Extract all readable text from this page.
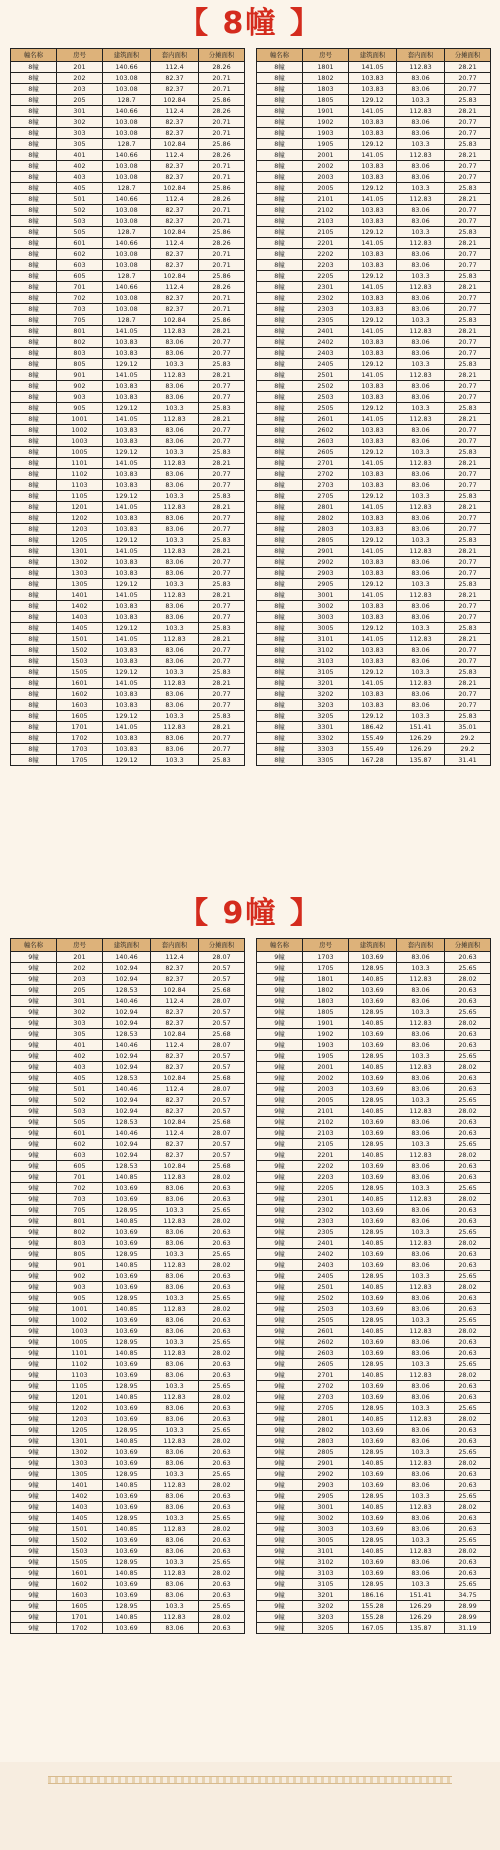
【 8幢 】
幢名称	房号	建筑面积	套内面积	分摊面积
8幢	201	140.66	112.4	28.26
8幢	202	103.08	82.37	20.71
8幢	203	103.08	82.37	20.71
8幢	205	128.7	102.84	25.86
8幢	301	140.66	112.4	28.26
8幢	302	103.08	82.37	20.71
8幢	303	103.08	82.37	20.71
8幢	305	128.7	102.84	25.86
8幢	401	140.66	112.4	28.26
8幢	402	103.08	82.37	20.71
8幢	403	103.08	82.37	20.71
8幢	405	128.7	102.84	25.86
8幢	501	140.66	112.4	28.26
8幢	502	103.08	82.37	20.71
8幢	503	103.08	82.37	20.71
8幢	505	128.7	102.84	25.86
8幢	601	140.66	112.4	28.26
8幢	602	103.08	82.37	20.71
8幢	603	103.08	82.37	20.71
8幢	605	128.7	102.84	25.86
8幢	701	140.66	112.4	28.26
8幢	702	103.08	82.37	20.71
8幢	703	103.08	82.37	20.71
8幢	705	128.7	102.84	25.86
8幢	801	141.05	112.83	28.21
8幢	802	103.83	83.06	20.77
8幢	803	103.83	83.06	20.77
8幢	805	129.12	103.3	25.83
8幢	901	141.05	112.83	28.21
8幢	902	103.83	83.06	20.77
8幢	903	103.83	83.06	20.77
8幢	905	129.12	103.3	25.83
8幢	1001	141.05	112.83	28.21
8幢	1002	103.83	83.06	20.77
8幢	1003	103.83	83.06	20.77
8幢	1005	129.12	103.3	25.83
8幢	1101	141.05	112.83	28.21
8幢	1102	103.83	83.06	20.77
8幢	1103	103.83	83.06	20.77
8幢	1105	129.12	103.3	25.83
8幢	1201	141.05	112.83	28.21
8幢	1202	103.83	83.06	20.77
8幢	1203	103.83	83.06	20.77
8幢	1205	129.12	103.3	25.83
8幢	1301	141.05	112.83	28.21
8幢	1302	103.83	83.06	20.77
8幢	1303	103.83	83.06	20.77
8幢	1305	129.12	103.3	25.83
8幢	1401	141.05	112.83	28.21
8幢	1402	103.83	83.06	20.77
8幢	1403	103.83	83.06	20.77
8幢	1405	129.12	103.3	25.83
8幢	1501	141.05	112.83	28.21
8幢	1502	103.83	83.06	20.77
8幢	1503	103.83	83.06	20.77
8幢	1505	129.12	103.3	25.83
8幢	1601	141.05	112.83	28.21
8幢	1602	103.83	83.06	20.77
8幢	1603	103.83	83.06	20.77
8幢	1605	129.12	103.3	25.83
8幢	1701	141.05	112.83	28.21
8幢	1702	103.83	83.06	20.77
8幢	1703	103.83	83.06	20.77
8幢	1705	129.12	103.3	25.83
幢名称	房号	建筑面积	套内面积	分摊面积
8幢	1801	141.05	112.83	28.21
8幢	1802	103.83	83.06	20.77
8幢	1803	103.83	83.06	20.77
8幢	1805	129.12	103.3	25.83
8幢	1901	141.05	112.83	28.21
8幢	1902	103.83	83.06	20.77
8幢	1903	103.83	83.06	20.77
8幢	1905	129.12	103.3	25.83
8幢	2001	141.05	112.83	28.21
8幢	2002	103.83	83.06	20.77
8幢	2003	103.83	83.06	20.77
8幢	2005	129.12	103.3	25.83
8幢	2101	141.05	112.83	28.21
8幢	2102	103.83	83.06	20.77
8幢	2103	103.83	83.06	20.77
8幢	2105	129.12	103.3	25.83
8幢	2201	141.05	112.83	28.21
8幢	2202	103.83	83.06	20.77
8幢	2203	103.83	83.06	20.77
8幢	2205	129.12	103.3	25.83
8幢	2301	141.05	112.83	28.21
8幢	2302	103.83	83.06	20.77
8幢	2303	103.83	83.06	20.77
8幢	2305	129.12	103.3	25.83
8幢	2401	141.05	112.83	28.21
8幢	2402	103.83	83.06	20.77
8幢	2403	103.83	83.06	20.77
8幢	2405	129.12	103.3	25.83
8幢	2501	141.05	112.83	28.21
8幢	2502	103.83	83.06	20.77
8幢	2503	103.83	83.06	20.77
8幢	2505	129.12	103.3	25.83
8幢	2601	141.05	112.83	28.21
8幢	2602	103.83	83.06	20.77
8幢	2603	103.83	83.06	20.77
8幢	2605	129.12	103.3	25.83
8幢	2701	141.05	112.83	28.21
8幢	2702	103.83	83.06	20.77
8幢	2703	103.83	83.06	20.77
8幢	2705	129.12	103.3	25.83
8幢	2801	141.05	112.83	28.21
8幢	2802	103.83	83.06	20.77
8幢	2803	103.83	83.06	20.77
8幢	2805	129.12	103.3	25.83
8幢	2901	141.05	112.83	28.21
8幢	2902	103.83	83.06	20.77
8幢	2903	103.83	83.06	20.77
8幢	2905	129.12	103.3	25.83
8幢	3001	141.05	112.83	28.21
8幢	3002	103.83	83.06	20.77
8幢	3003	103.83	83.06	20.77
8幢	3005	129.12	103.3	25.83
8幢	3101	141.05	112.83	28.21
8幢	3102	103.83	83.06	20.77
8幢	3103	103.83	83.06	20.77
8幢	3105	129.12	103.3	25.83
8幢	3201	141.05	112.83	28.21
8幢	3202	103.83	83.06	20.77
8幢	3203	103.83	83.06	20.77
8幢	3205	129.12	103.3	25.83
8幢	3301	186.42	151.41	35.01
8幢	3302	155.49	126.29	29.2
8幢	3303	155.49	126.29	29.2
8幢	3305	167.28	135.87	31.41
【 9幢 】
幢名称	房号	建筑面积	套内面积	分摊面积
9幢	201	140.46	112.4	28.07
9幢	202	102.94	82.37	20.57
9幢	203	102.94	82.37	20.57
9幢	205	128.53	102.84	25.68
9幢	301	140.46	112.4	28.07
9幢	302	102.94	82.37	20.57
9幢	303	102.94	82.37	20.57
9幢	305	128.53	102.84	25.68
9幢	401	140.46	112.4	28.07
9幢	402	102.94	82.37	20.57
9幢	403	102.94	82.37	20.57
9幢	405	128.53	102.84	25.68
9幢	501	140.46	112.4	28.07
9幢	502	102.94	82.37	20.57
9幢	503	102.94	82.37	20.57
9幢	505	128.53	102.84	25.68
9幢	601	140.46	112.4	28.07
9幢	602	102.94	82.37	20.57
9幢	603	102.94	82.37	20.57
9幢	605	128.53	102.84	25.68
9幢	701	140.85	112.83	28.02
9幢	702	103.69	83.06	20.63
9幢	703	103.69	83.06	20.63
9幢	705	128.95	103.3	25.65
9幢	801	140.85	112.83	28.02
9幢	802	103.69	83.06	20.63
9幢	803	103.69	83.06	20.63
9幢	805	128.95	103.3	25.65
9幢	901	140.85	112.83	28.02
9幢	902	103.69	83.06	20.63
9幢	903	103.69	83.06	20.63
9幢	905	128.95	103.3	25.65
9幢	1001	140.85	112.83	28.02
9幢	1002	103.69	83.06	20.63
9幢	1003	103.69	83.06	20.63
9幢	1005	128.95	103.3	25.65
9幢	1101	140.85	112.83	28.02
9幢	1102	103.69	83.06	20.63
9幢	1103	103.69	83.06	20.63
9幢	1105	128.95	103.3	25.65
9幢	1201	140.85	112.83	28.02
9幢	1202	103.69	83.06	20.63
9幢	1203	103.69	83.06	20.63
9幢	1205	128.95	103.3	25.65
9幢	1301	140.85	112.83	28.02
9幢	1302	103.69	83.06	20.63
9幢	1303	103.69	83.06	20.63
9幢	1305	128.95	103.3	25.65
9幢	1401	140.85	112.83	28.02
9幢	1402	103.69	83.06	20.63
9幢	1403	103.69	83.06	20.63
9幢	1405	128.95	103.3	25.65
9幢	1501	140.85	112.83	28.02
9幢	1502	103.69	83.06	20.63
9幢	1503	103.69	83.06	20.63
9幢	1505	128.95	103.3	25.65
9幢	1601	140.85	112.83	28.02
9幢	1602	103.69	83.06	20.63
9幢	1603	103.69	83.06	20.63
9幢	1605	128.95	103.3	25.65
9幢	1701	140.85	112.83	28.02
9幢	1702	103.69	83.06	20.63
幢名称	房号	建筑面积	套内面积	分摊面积
9幢	1703	103.69	83.06	20.63
9幢	1705	128.95	103.3	25.65
9幢	1801	140.85	112.83	28.02
9幢	1802	103.69	83.06	20.63
9幢	1803	103.69	83.06	20.63
9幢	1805	128.95	103.3	25.65
9幢	1901	140.85	112.83	28.02
9幢	1902	103.69	83.06	20.63
9幢	1903	103.69	83.06	20.63
9幢	1905	128.95	103.3	25.65
9幢	2001	140.85	112.83	28.02
9幢	2002	103.69	83.06	20.63
9幢	2003	103.69	83.06	20.63
9幢	2005	128.95	103.3	25.65
9幢	2101	140.85	112.83	28.02
9幢	2102	103.69	83.06	20.63
9幢	2103	103.69	83.06	20.63
9幢	2105	128.95	103.3	25.65
9幢	2201	140.85	112.83	28.02
9幢	2202	103.69	83.06	20.63
9幢	2203	103.69	83.06	20.63
9幢	2205	128.95	103.3	25.65
9幢	2301	140.85	112.83	28.02
9幢	2302	103.69	83.06	20.63
9幢	2303	103.69	83.06	20.63
9幢	2305	128.95	103.3	25.65
9幢	2401	140.85	112.83	28.02
9幢	2402	103.69	83.06	20.63
9幢	2403	103.69	83.06	20.63
9幢	2405	128.95	103.3	25.65
9幢	2501	140.85	112.83	28.02
9幢	2502	103.69	83.06	20.63
9幢	2503	103.69	83.06	20.63
9幢	2505	128.95	103.3	25.65
9幢	2601	140.85	112.83	28.02
9幢	2602	103.69	83.06	20.63
9幢	2603	103.69	83.06	20.63
9幢	2605	128.95	103.3	25.65
9幢	2701	140.85	112.83	28.02
9幢	2702	103.69	83.06	20.63
9幢	2703	103.69	83.06	20.63
9幢	2705	128.95	103.3	25.65
9幢	2801	140.85	112.83	28.02
9幢	2802	103.69	83.06	20.63
9幢	2803	103.69	83.06	20.63
9幢	2805	128.95	103.3	25.65
9幢	2901	140.85	112.83	28.02
9幢	2902	103.69	83.06	20.63
9幢	2903	103.69	83.06	20.63
9幢	2905	128.95	103.3	25.65
9幢	3001	140.85	112.83	28.02
9幢	3002	103.69	83.06	20.63
9幢	3003	103.69	83.06	20.63
9幢	3005	128.95	103.3	25.65
9幢	3101	140.85	112.83	28.02
9幢	3102	103.69	83.06	20.63
9幢	3103	103.69	83.06	20.63
9幢	3105	128.95	103.3	25.65
9幢	3201	186.16	151.41	34.75
9幢	3202	155.28	126.29	28.99
9幢	3203	155.28	126.29	28.99
9幢	3205	167.05	135.87	31.19
